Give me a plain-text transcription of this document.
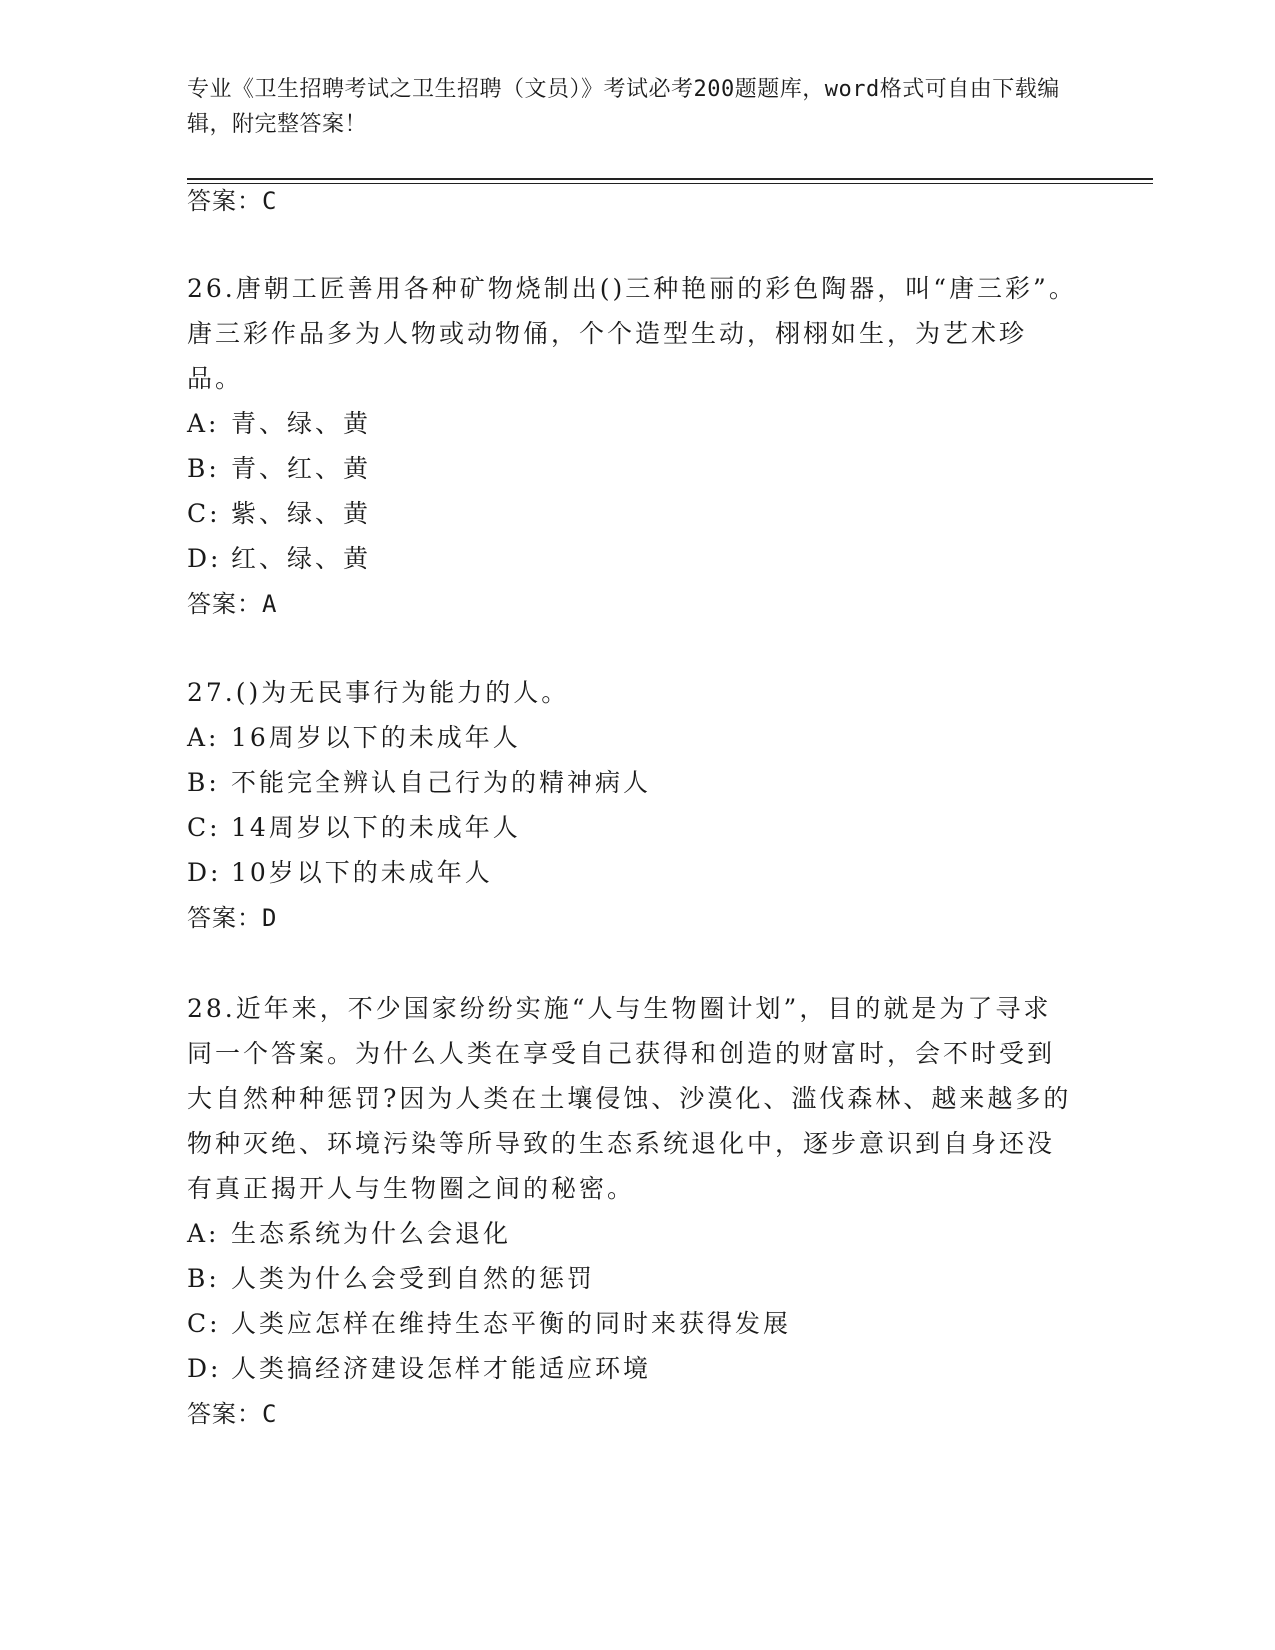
专业《卫生招聘考试之卫生招聘（文员）》考试必考200题题库，word格式可自由下载编辑，附完整答案！
答案：C

26.唐朝工匠善用各种矿物烧制出()三种艳丽的彩色陶器，叫“唐三彩”。唐三彩作品多为人物或动物俑，个个造型生动，栩栩如生，为艺术珍品。

A: 青、绿、黄

B: 青、红、黄

C: 紫、绿、黄

D: 红、绿、黄

答案：A

27.()为无民事行为能力的人。

A: 16周岁以下的未成年人

B: 不能完全辨认自己行为的精神病人

C: 14周岁以下的未成年人

D: 10岁以下的未成年人

答案：D

28.近年来，不少国家纷纷实施“人与生物圈计划”，目的就是为了寻求同一个答案。为什么人类在享受自己获得和创造的财富时，会不时受到大自然种种惩罚?因为人类在土壤侵蚀、沙漠化、滥伐森林、越来越多的物种灭绝、环境污染等所导致的生态系统退化中，逐步意识到自身还没有真正揭开人与生物圈之间的秘密。

A: 生态系统为什么会退化

B: 人类为什么会受到自然的惩罚

C: 人类应怎样在维持生态平衡的同时来获得发展

D: 人类搞经济建设怎样才能适应环境

答案：C
